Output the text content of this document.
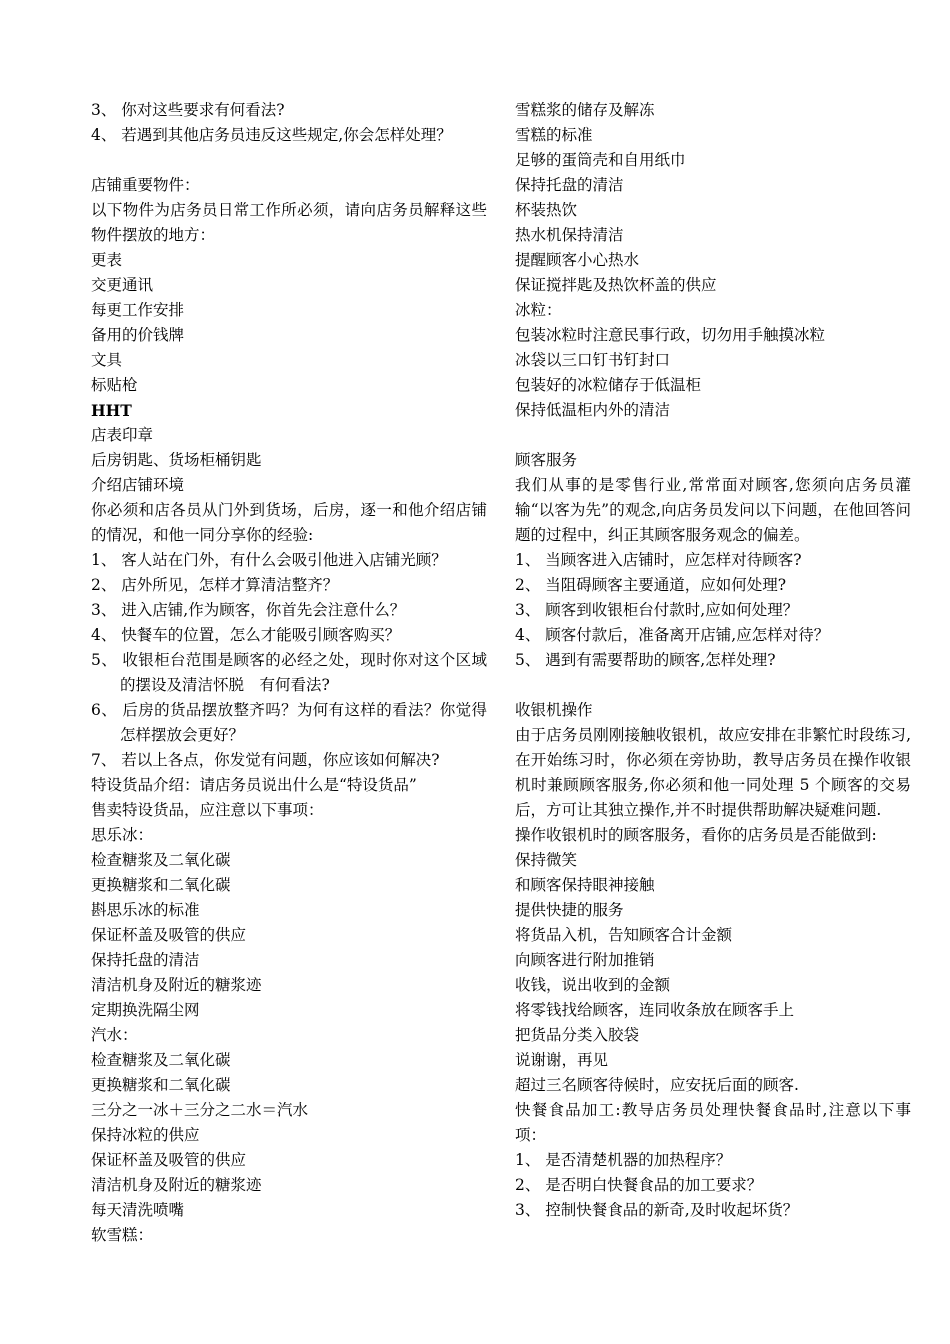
3、 你对这些要求有何看法?
4、 若遇到其他店务员违反这些规定,你会怎样处理？
店铺重要物件：
以下物件为店务员日常工作所必须，请向店务员解释这些物件摆放的地方：
更表
交更通讯
每更工作安排
备用的价钱牌
文具
标贴枪
HHT
店表印章
后房钥匙、货场柜桶钥匙
介绍店铺环境
你必须和店各员从门外到货场，后房，逐一和他介绍店铺的情况，和他一同分享你的经验:
1、 客人站在门外，有什么会吸引他进入店铺光顾？
2、 店外所见，怎样才算清洁整齐？
3、 进入店铺,作为顾客，你首先会注意什么？
4、 快餐车的位置，怎么才能吸引顾客购买？
5、 收银柜台范围是顾客的必经之处，现时你对这个区域的摆设及清洁怀脱　有何看法?
6、 后房的货品摆放整齐吗？为何有这样的看法？你觉得怎样摆放会更好？
7、 若以上各点，你发觉有问题，你应该如何解决?
特设货品介绍：请店务员说出什么是“特设货品”
售卖特设货品，应注意以下事项：
思乐冰：
检查糖浆及二氧化碳
更换糖浆和二氧化碳
斟思乐冰的标准
保证杯盖及吸管的供应
保持托盘的清洁
清洁机身及附近的糖浆迹
定期换洗隔尘网
汽水：
检查糖浆及二氧化碳
更换糖浆和二氧化碳
三分之一冰＋三分之二水＝汽水
保持冰粒的供应
保证杯盖及吸管的供应
清洁机身及附近的糖浆迹
每天清洗喷嘴
软雪糕：
雪糕浆的储存及解冻
雪糕的标准
足够的蛋筒壳和自用纸巾
保持托盘的清洁
杯装热饮
热水机保持清洁
提醒顾客小心热水
保证搅拌匙及热饮杯盖的供应
冰粒：
包装冰粒时注意民事行政，切勿用手触摸冰粒
冰袋以三口钉书钉封口
包装好的冰粒储存于低温柜
保持低温柜内外的清洁
顾客服务
我们从事的是零售行业,常常面对顾客,您须向店务员灌输“以客为先”的观念,向店务员发问以下问题，在他回答问题的过程中，纠正其顾客服务观念的偏差。
1、 当顾客进入店铺时，应怎样对待顾客?
2、 当阻碍顾客主要通道，应如何处理?
3、 顾客到收银柜台付款时,应如何处理？
4、 顾客付款后，准备离开店铺,应怎样对待？
5、 遇到有需要帮助的顾客,怎样处理?
收银机操作
由于店务员刚刚接触收银机，故应安排在非繁忙时段练习,在开始练习时，你必须在旁协助，教导店务员在操作收银机时兼顾顾客服务,你必须和他一同处理 5 个顾客的交易后，方可让其独立操作,并不时提供帮助解决疑难问题.
操作收银机时的顾客服务，看你的店务员是否能做到:
保持微笑
和顾客保持眼神接触
提供快捷的服务
将货品入机，告知顾客合计金额
向顾客进行附加推销
收钱，说出收到的金额
将零钱找给顾客，连同收条放在顾客手上
把货品分类入胶袋
说谢谢，再见
超过三名顾客待候时，应安抚后面的顾客.
快餐食品加工:教导店务员处理快餐食品时,注意以下事项：
1、 是否清楚机器的加热程序？
2、 是否明白快餐食品的加工要求？
3、 控制快餐食品的新奇,及时收起坏货？
